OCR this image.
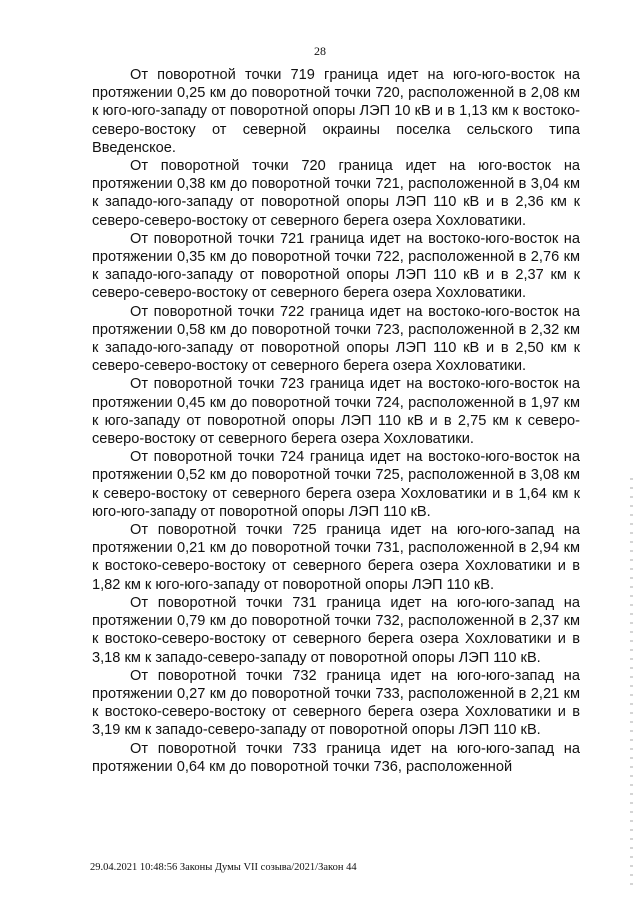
28

От поворотной точки 719 граница идет на юго-юго-восток на протяжении 0,25 км до поворотной точки 720, расположенной в 2,08 км к юго-юго-западу от поворотной опоры ЛЭП 10 кВ и в 1,13 км к востоко-северо-востоку от северной окраины поселка сельского типа Введенское.

От поворотной точки 720 граница идет на юго-восток на протяжении 0,38 км до поворотной точки 721, расположенной в 3,04 км к западо-юго-западу от поворотной опоры ЛЭП 110 кВ и в 2,36 км к северо-северо-востоку от северного берега озера Хохловатики.

От поворотной точки 721 граница идет на востоко-юго-восток на протяжении 0,35 км до поворотной точки 722, расположенной в 2,76 км к западо-юго-западу от поворотной опоры ЛЭП 110 кВ и в 2,37 км к северо-северо-востоку от северного берега озера Хохловатики.

От поворотной точки 722 граница идет на востоко-юго-восток на протяжении 0,58 км до поворотной точки 723, расположенной в 2,32 км к западо-юго-западу от поворотной опоры ЛЭП 110 кВ и в 2,50 км к северо-северо-востоку от северного берега озера Хохловатики.

От поворотной точки 723 граница идет на востоко-юго-восток на протяжении 0,45 км до поворотной точки 724, расположенной в 1,97 км к юго-западу от поворотной опоры ЛЭП 110 кВ и в 2,75 км к северо-северо-востоку от северного берега озера Хохловатики.

От поворотной точки 724 граница идет на востоко-юго-восток на протяжении 0,52 км до поворотной точки 725, расположенной в 3,08 км к северо-востоку от северного берега озера Хохловатики и в 1,64 км к юго-юго-западу от поворотной опоры ЛЭП 110 кВ.

От поворотной точки 725 граница идет на юго-юго-запад на протяжении 0,21 км до поворотной точки 731, расположенной в 2,94 км к востоко-северо-востоку от северного берега озера Хохловатики и в 1,82 км к юго-юго-западу от поворотной опоры ЛЭП 110 кВ.

От поворотной точки 731 граница идет на юго-юго-запад на протяжении 0,79 км до поворотной точки 732, расположенной в 2,37 км к востоко-северо-востоку от северного берега озера Хохловатики и в 3,18 км к западо-северо-западу от поворотной опоры ЛЭП 110 кВ.

От поворотной точки 732 граница идет на юго-юго-запад на протяжении 0,27 км до поворотной точки 733, расположенной в 2,21 км к востоко-северо-востоку от северного берега озера Хохловатики и в 3,19 км к западо-северо-западу от поворотной опоры ЛЭП 110 кВ.

От поворотной точки 733 граница идет на юго-юго-запад на протяжении 0,64 км до поворотной точки 736, расположенной

29.04.2021 10:48:56 Законы Думы VII созыва/2021/Закон 44
